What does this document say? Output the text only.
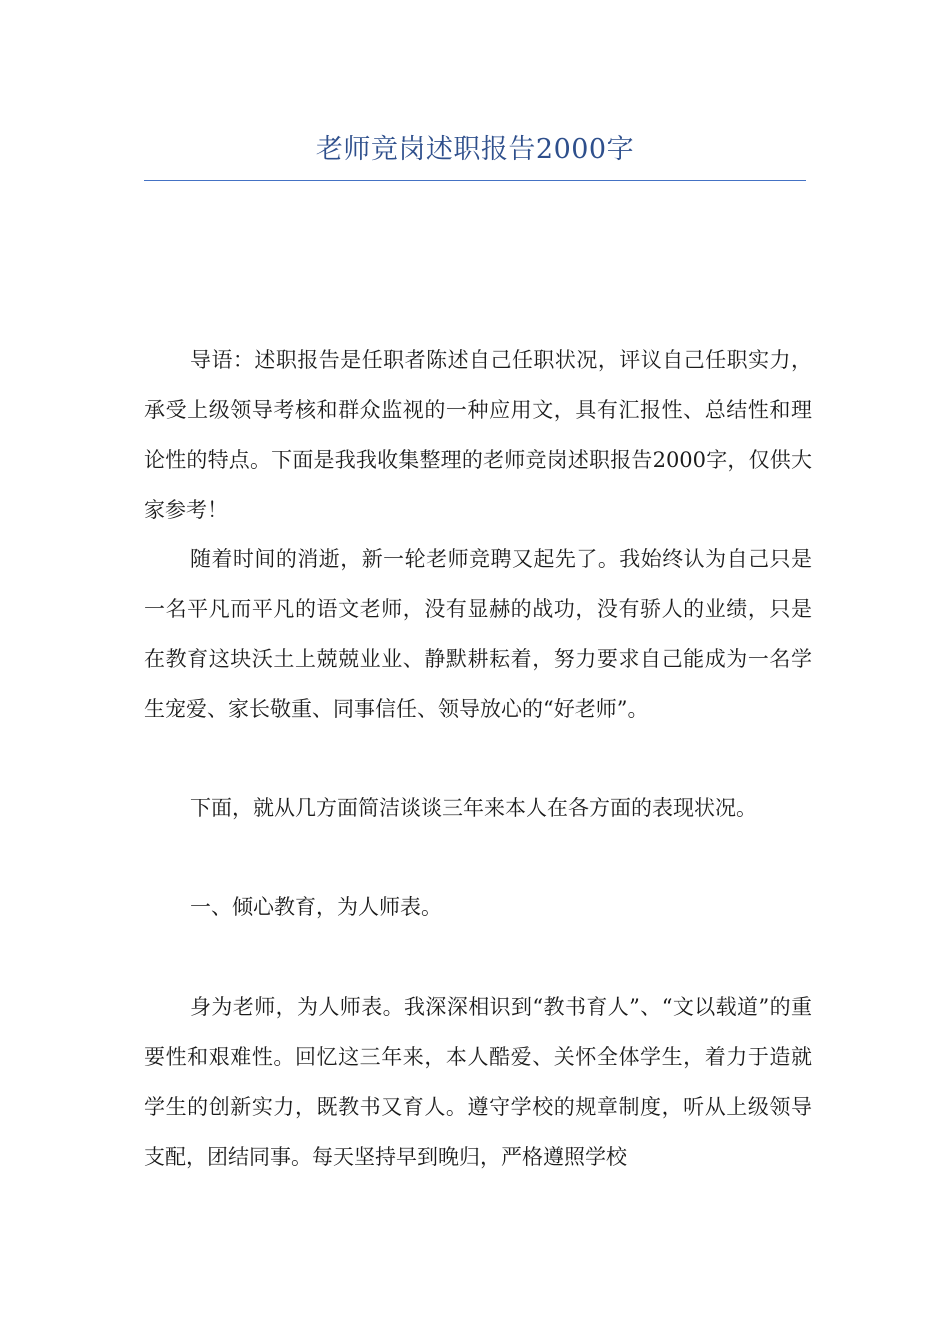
老师竞岗述职报告2000字

导语：述职报告是任职者陈述自己任职状况，评议自己任职实力，承受上级领导考核和群众监视的一种应用文，具有汇报性、总结性和理论性的特点。下面是我我收集整理的老师竞岗述职报告2000字，仅供大家参考！

随着时间的消逝，新一轮老师竞聘又起先了。我始终认为自己只是一名平凡而平凡的语文老师，没有显赫的战功，没有骄人的业绩，只是在教育这块沃土上兢兢业业、静默耕耘着，努力要求自己能成为一名学生宠爱、家长敬重、同事信任、领导放心的“好老师”。

下面，就从几方面简洁谈谈三年来本人在各方面的表现状况。

一、倾心教育，为人师表。

身为老师，为人师表。我深深相识到“教书育人”、“文以载道”的重要性和艰难性。回忆这三年来，本人酷爱、关怀全体学生，着力于造就学生的创新实力，既教书又育人。遵守学校的规章制度，听从上级领导支配，团结同事。每天坚持早到晚归，严格遵照学校
